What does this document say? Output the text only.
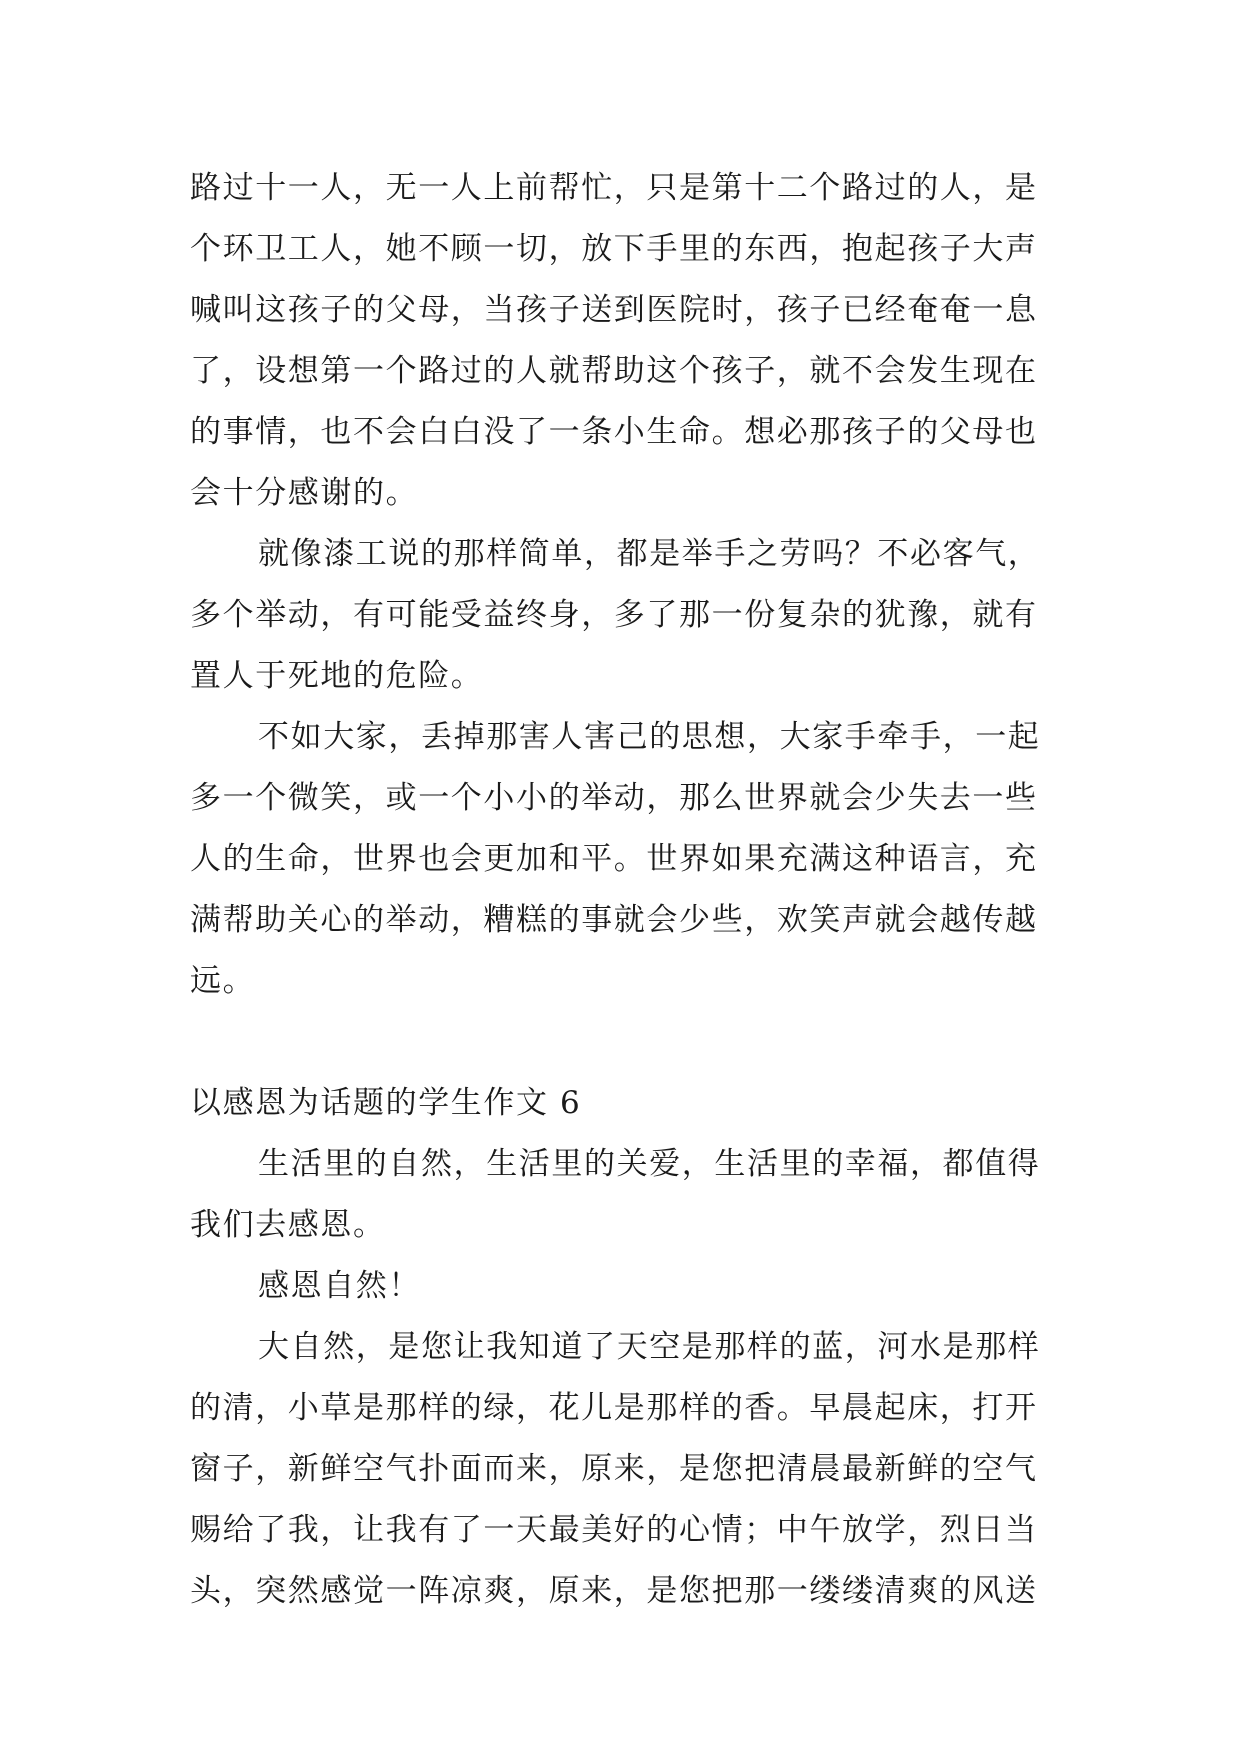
路过十一人，无一人上前帮忙，只是第十二个路过的人，是
个环卫工人，她不顾一切，放下手里的东西，抱起孩子大声
喊叫这孩子的父母，当孩子送到医院时，孩子已经奄奄一息
了，设想第一个路过的人就帮助这个孩子，就不会发生现在
的事情，也不会白白没了一条小生命。想必那孩子的父母也
会十分感谢的。
就像漆工说的那样简单，都是举手之劳吗？不必客气，
多个举动，有可能受益终身，多了那一份复杂的犹豫，就有
置人于死地的危险。
不如大家，丢掉那害人害己的思想，大家手牵手，一起
多一个微笑，或一个小小的举动，那么世界就会少失去一些
人的生命，世界也会更加和平。世界如果充满这种语言，充
满帮助关心的举动，糟糕的事就会少些，欢笑声就会越传越
远。
以感恩为话题的学生作文 6
生活里的自然，生活里的关爱，生活里的幸福，都值得
我们去感恩。
感恩自然！
大自然，是您让我知道了天空是那样的蓝，河水是那样
的清，小草是那样的绿，花儿是那样的香。早晨起床，打开
窗子，新鲜空气扑面而来，原来，是您把清晨最新鲜的空气
赐给了我，让我有了一天最美好的心情；中午放学，烈日当
头，突然感觉一阵凉爽，原来，是您把那一缕缕清爽的风送
